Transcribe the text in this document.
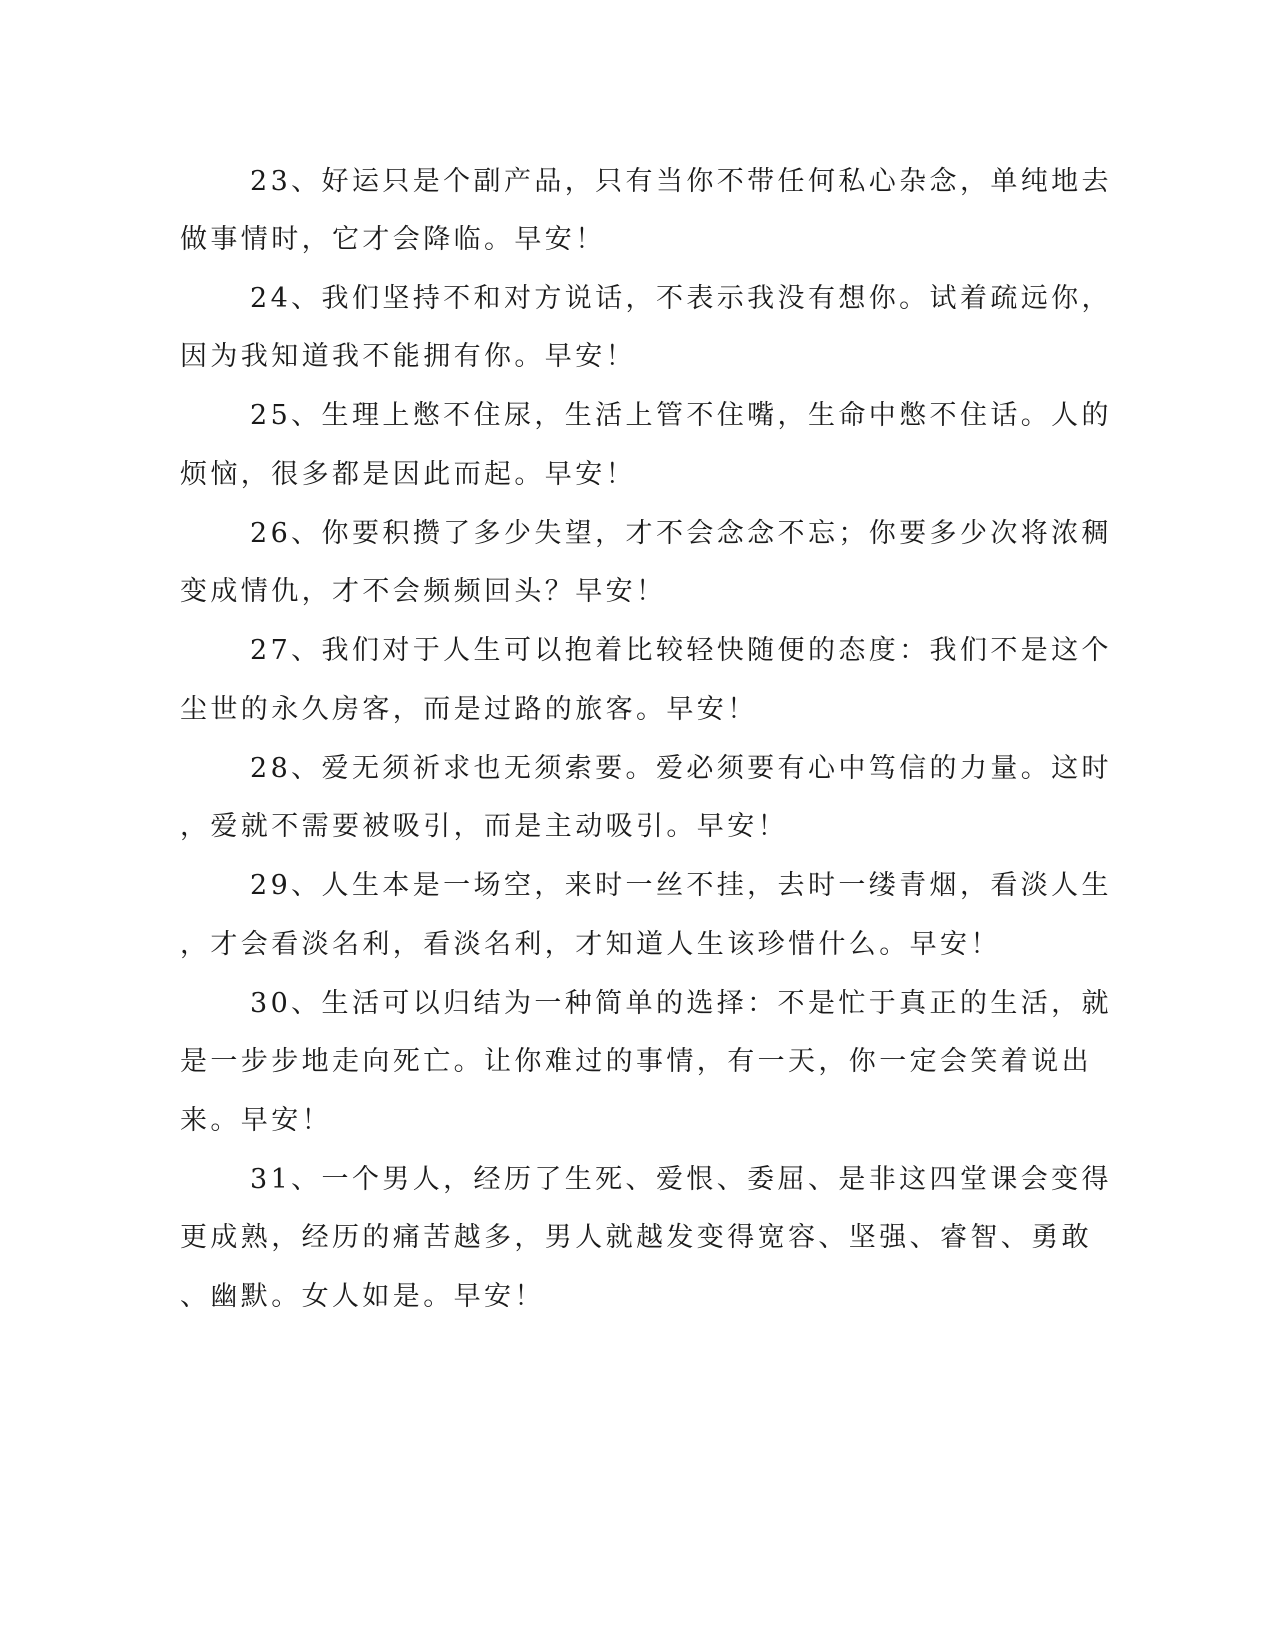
23、好运只是个副产品，只有当你不带任何私心杂念，单纯地去
做事情时，它才会降临。早安！
24、我们坚持不和对方说话，不表示我没有想你。试着疏远你，
因为我知道我不能拥有你。早安！
25、生理上憋不住尿，生活上管不住嘴，生命中憋不住话。人的
烦恼，很多都是因此而起。早安！
26、你要积攒了多少失望，才不会念念不忘；你要多少次将浓稠
变成情仇，才不会频频回头？早安！
27、我们对于人生可以抱着比较轻快随便的态度：我们不是这个
尘世的永久房客，而是过路的旅客。早安！
28、爱无须祈求也无须索要。爱必须要有心中笃信的力量。这时
，爱就不需要被吸引，而是主动吸引。早安！
29、人生本是一场空，来时一丝不挂，去时一缕青烟，看淡人生
，才会看淡名利，看淡名利，才知道人生该珍惜什么。早安！
30、生活可以归结为一种简单的选择：不是忙于真正的生活，就
是一步步地走向死亡。让你难过的事情，有一天，你一定会笑着说出
来。早安！
31、一个男人，经历了生死、爱恨、委屈、是非这四堂课会变得
更成熟，经历的痛苦越多，男人就越发变得宽容、坚强、睿智、勇敢
、幽默。女人如是。早安！
